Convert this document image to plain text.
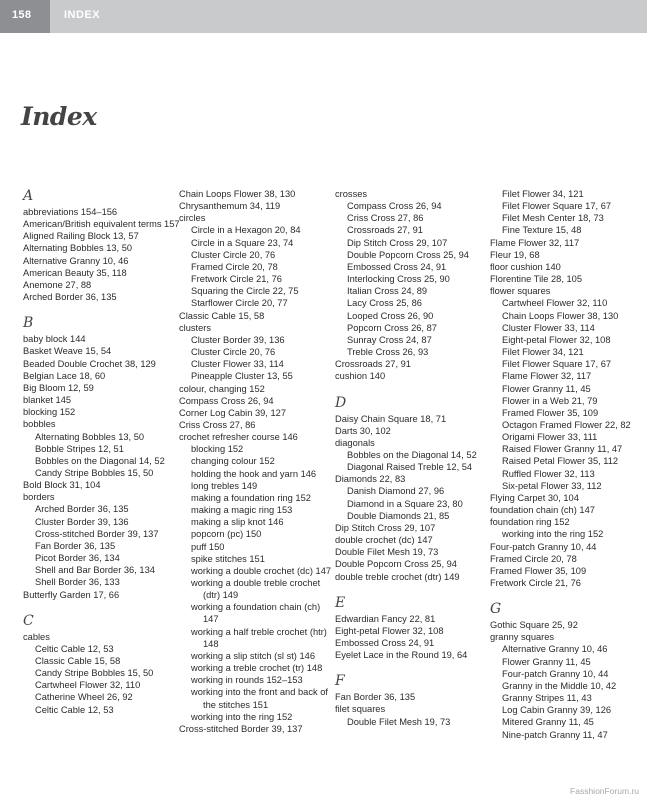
158	INDEX
Index
A
abbreviations 154–156
American/British equivalent terms 157
Aligned Railing Block 13, 57
Alternating Bobbles 13, 50
Alternative Granny 10, 46
American Beauty 35, 118
Anemone 27, 88
Arched Border 36, 135
B
baby block 144
Basket Weave 15, 54
Beaded Double Crochet 38, 129
Belgian Lace 18, 60
Big Bloom 12, 59
blanket 145
blocking 152
bobbles
Alternating Bobbles 13, 50
Bobble Stripes 12, 51
Bobbles on the Diagonal 14, 52
Candy Stripe Bobbles 15, 50
Bold Block 31, 104
borders
Arched Border 36, 135
Cluster Border 39, 136
Cross-stitched Border 39, 137
Fan Border 36, 135
Picot Border 36, 134
Shell and Bar Border 36, 134
Shell Border 36, 133
Butterfly Garden 17, 66
C
cables
Celtic Cable 12, 53
Classic Cable 15, 58
Candy Stripe Bobbles 15, 50
Cartwheel Flower 32, 110
Catherine Wheel 26, 92
Celtic Cable 12, 53
Chain Loops Flower 38, 130
Chrysanthemum 34, 119
circles
Circle in a Hexagon 20, 84
Circle in a Square 23, 74
Cluster Circle 20, 76
Framed Circle 20, 78
Fretwork Circle 21, 76
Squaring the Circle 22, 75
Starflower Circle 20, 77
Classic Cable 15, 58
clusters
Cluster Border 39, 136
Cluster Circle 20, 76
Cluster Flower 33, 114
Pineapple Cluster 13, 55
colour, changing 152
Compass Cross 26, 94
Corner Log Cabin 39, 127
Criss Cross 27, 86
crochet refresher course 146
blocking 152
changing colour 152
holding the hook and yarn 146
long trebles 149
making a foundation ring 152
making a magic ring 153
making a slip knot 146
popcorn (pc) 150
puff 150
spike stitches 151
working a double crochet (dc) 147
working a double treble crochet (dtr) 149
working a foundation chain (ch) 147
working a half treble crochet (htr) 148
working a slip stitch (sl st) 146
working a treble crochet (tr) 148
working in rounds 152–153
working into the front and back of the stitches 151
working into the ring 152
Cross-stitched Border 39, 137
crosses
Compass Cross 26, 94
Criss Cross 27, 86
Crossroads 27, 91
Dip Stitch Cross 29, 107
Double Popcorn Cross 25, 94
Embossed Cross 24, 91
Interlocking Cross 25, 90
Italian Cross 24, 89
Lacy Cross 25, 86
Looped Cross 26, 90
Popcorn Cross 26, 87
Sunray Cross 24, 87
Treble Cross 26, 93
Crossroads 27, 91
cushion 140
D
Daisy Chain Square 18, 71
Darts 30, 102
diagonals
Bobbles on the Diagonal 14, 52
Diagonal Raised Treble 12, 54
Diamonds 22, 83
Danish Diamond 27, 96
Diamond in a Square 23, 80
Double Diamonds 21, 85
Dip Stitch Cross 29, 107
double crochet (dc) 147
Double Filet Mesh 19, 73
Double Popcorn Cross 25, 94
double treble crochet (dtr) 149
E
Edwardian Fancy 22, 81
Eight-petal Flower 32, 108
Embossed Cross 24, 91
Eyelet Lace in the Round 19, 64
F
Fan Border 36, 135
filet squares
Double Filet Mesh 19, 73
Filet Flower 34, 121
Filet Flower Square 17, 67
Filet Mesh Center 18, 73
Fine Texture 15, 48
Flame Flower 32, 117
Fleur 19, 68
floor cushion 140
Florentine Tile 28, 105
flower squares
Cartwheel Flower 32, 110
Chain Loops Flower 38, 130
Cluster Flower 33, 114
Eight-petal Flower 32, 108
Filet Flower 34, 121
Filet Flower Square 17, 67
Flame Flower 32, 117
Flower Granny 11, 45
Flower in a Web 21, 79
Framed Flower 35, 109
Octagon Framed Flower 22, 82
Origami Flower 33, 111
Raised Flower Granny 11, 47
Raised Petal Flower 35, 112
Ruffled Flower 32, 113
Six-petal Flower 33, 112
Flying Carpet 30, 104
foundation chain (ch) 147
foundation ring 152
working into the ring 152
Four-patch Granny 10, 44
Framed Circle 20, 78
Framed Flower 35, 109
Fretwork Circle 21, 76
G
Gothic Square 25, 92
granny squares
Alternative Granny 10, 46
Flower Granny 11, 45
Four-patch Granny 10, 44
Granny in the Middle 10, 42
Granny Stripes 11, 43
Log Cabin Granny 39, 126
Mitered Granny 11, 45
Nine-patch Granny 11, 47
FasshionForum.ru
